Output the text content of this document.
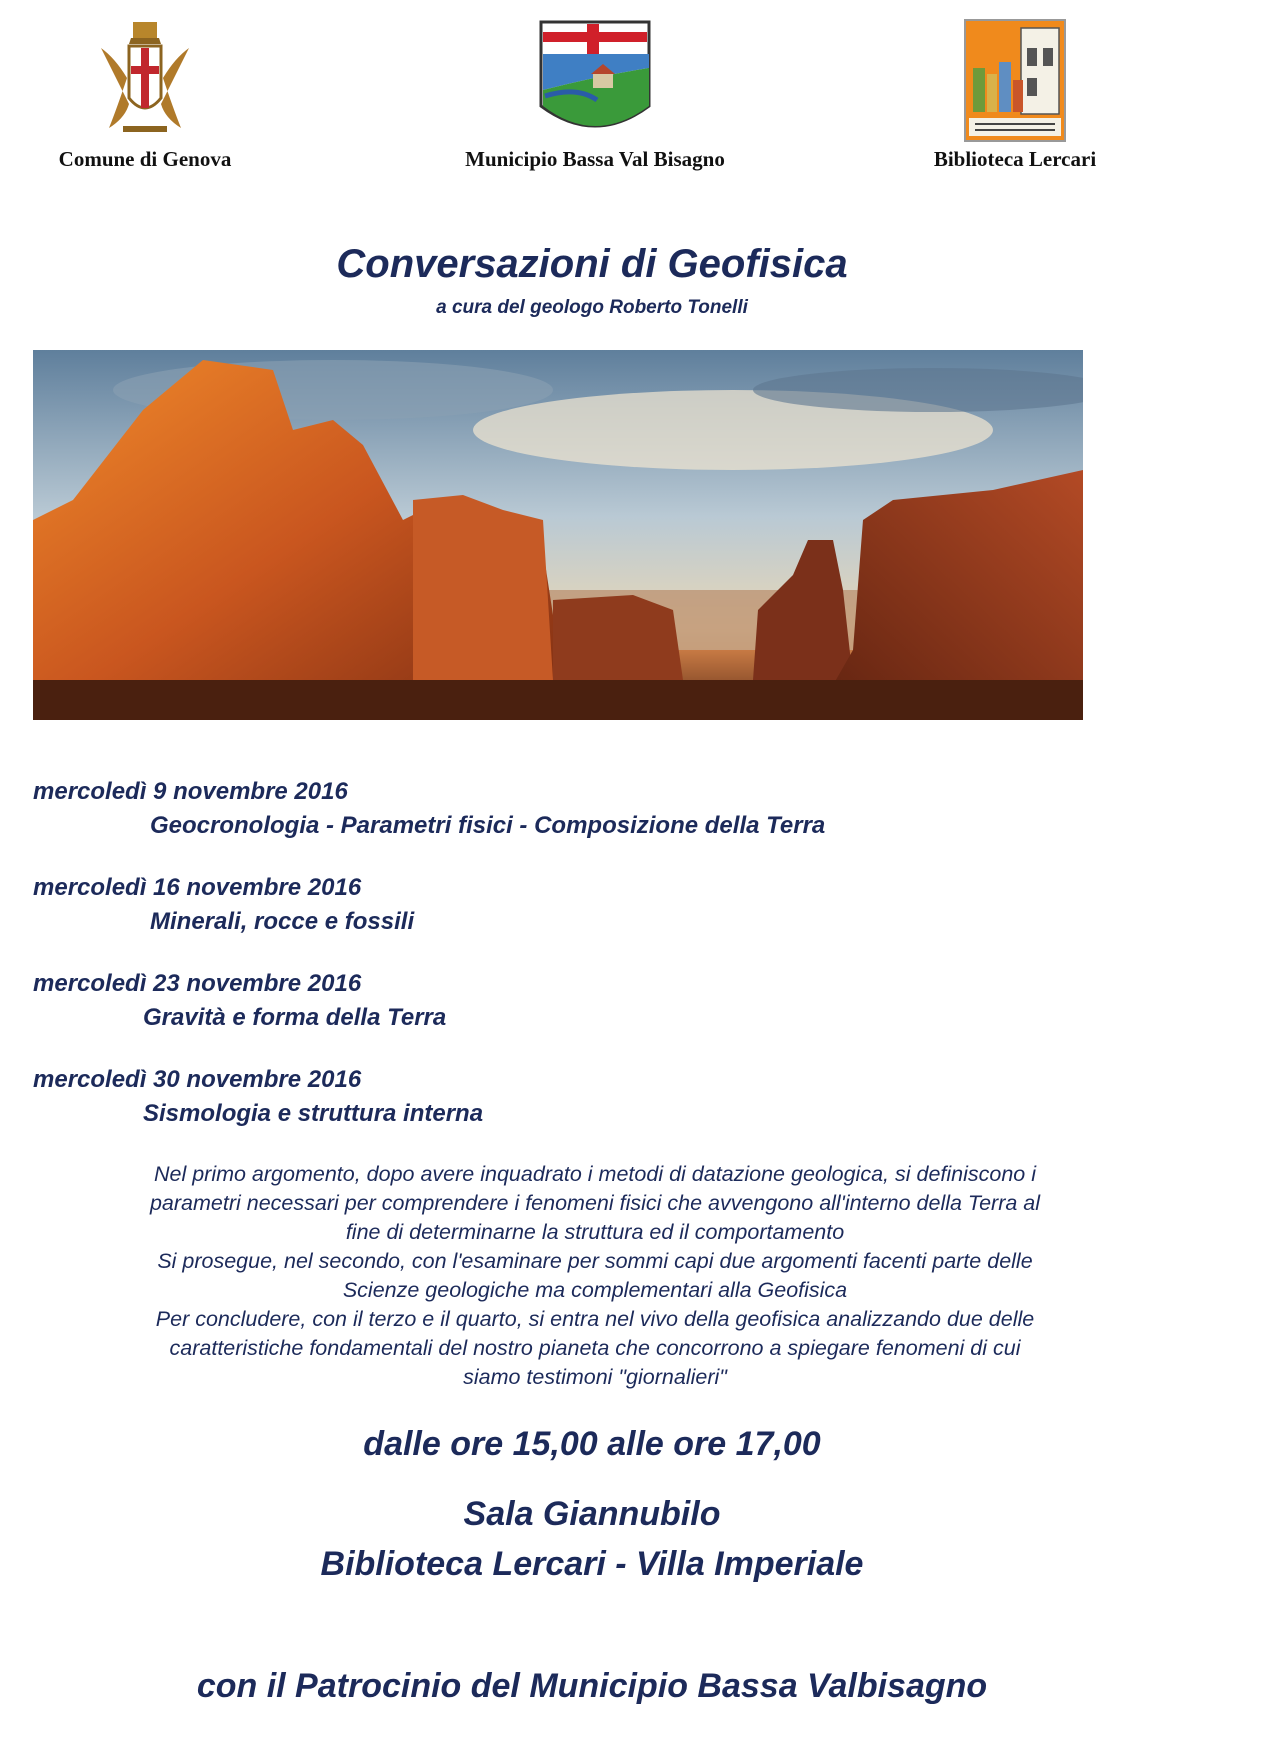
Comune di Genova	Municipio Bassa Val Bisagno	Biblioteca Lercari
Conversazioni di Geofisica
a cura del geologo Roberto Tonelli
mercoledì 9 novembre 2016
Geocronologia - Parametri fisici - Composizione della Terra
mercoledì 16 novembre 2016
Minerali, rocce e fossili
mercoledì 23 novembre 2016
Gravità e forma della Terra
mercoledì 30 novembre 2016
Sismologia e struttura interna

Nel primo argomento, dopo avere inquadrato i metodi di datazione geologica, si definiscono i

parametri necessari per comprendere i fenomeni fisici che avvengono all'interno della Terra al

fine di determinarne la struttura ed il comportamento

Si prosegue, nel secondo, con l'esaminare per sommi capi due argomenti facenti parte delle

Scienze geologiche ma complementari alla Geofisica

Per concludere, con il terzo e il quarto, si entra nel vivo della geofisica analizzando due delle

caratteristiche fondamentali del nostro pianeta che concorrono a spiegare fenomeni di cui

siamo testimoni "giornalieri"

dalle ore 15,00 alle ore 17,00
Sala Giannubilo
Biblioteca Lercari - Villa Imperiale
con il Patrocinio del Municipio Bassa Valbisagno
